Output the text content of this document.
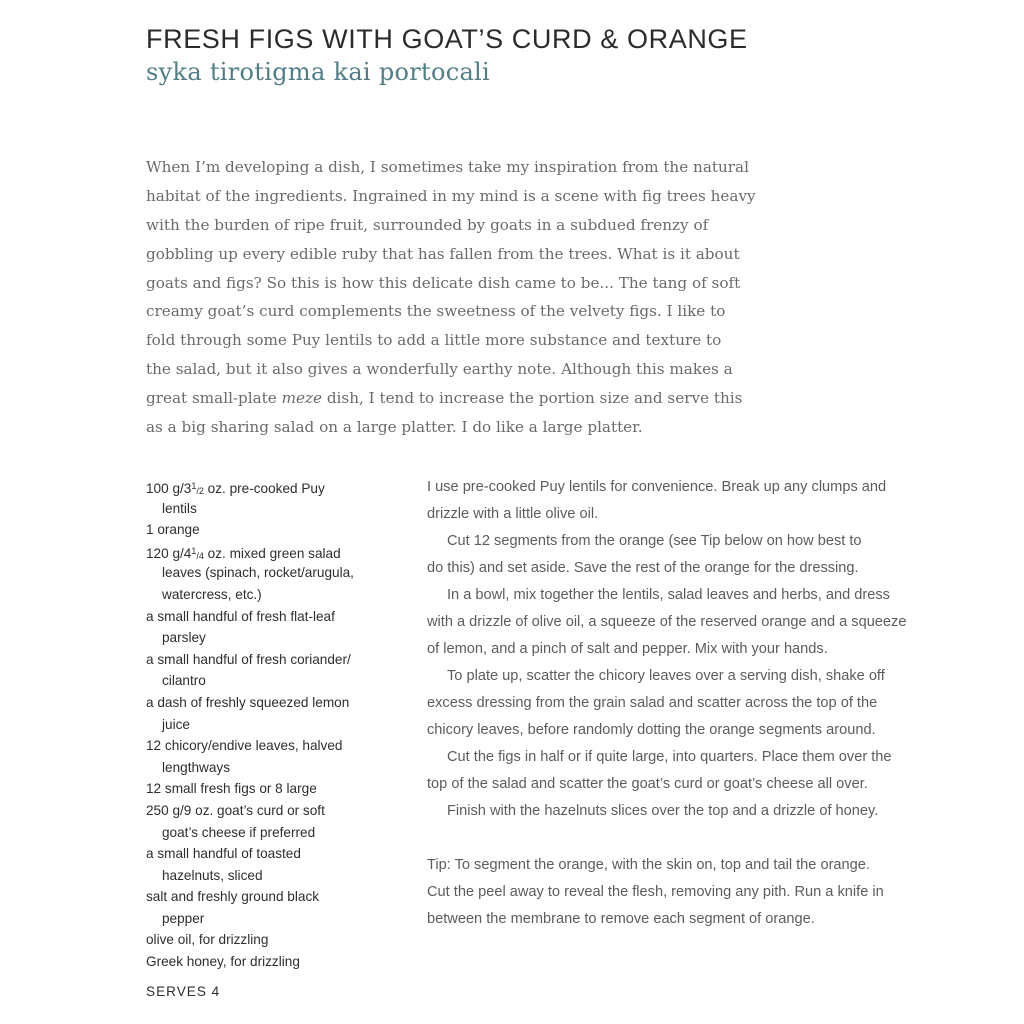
FRESH FIGS WITH GOAT’S CURD & ORANGE
syka tirotigma kai portocali
When I’m developing a dish, I sometimes take my inspiration from the natural
habitat of the ingredients. Ingrained in my mind is a scene with fig trees heavy
with the burden of ripe fruit, surrounded by goats in a subdued frenzy of
gobbling up every edible ruby that has fallen from the trees. What is it about
goats and figs? So this is how this delicate dish came to be... The tang of soft
creamy goat’s curd complements the sweetness of the velvety figs. I like to
fold through some Puy lentils to add a little more substance and texture to
the salad, but it also gives a wonderfully earthy note. Although this makes a
great small-plate meze dish, I tend to increase the portion size and serve this
as a big sharing salad on a large platter. I do like a large platter.
100 $g/3^1_{/2}$ oz. pre-cooked Puy
lentils
1 orange
120 $g/4^1_{/4}$ oz. mixed green salad
leaves (spinach, rocket/arugula,
watercress, etc.)
a small handful of fresh flat-leaf
parsley
a small handful of fresh coriander/
cilantro
a dash of freshly squeezed lemon
juice
12 chicory/endive leaves, halved
lengthways
12 small fresh figs or 8 large
250 g/9 oz. goat’s curd or soft
goat’s cheese if preferred
a small handful of toasted
hazelnuts, sliced
salt and freshly ground black
pepper
olive oil, for drizzling
Greek honey, for drizzling
SERVES 4
I use pre-cooked Puy lentils for convenience. Break up any clumps and
drizzle with a little olive oil.
Cut 12 segments from the orange (see Tip below on how best to
do this) and set aside. Save the rest of the orange for the dressing.
In a bowl, mix together the lentils, salad leaves and herbs, and dress
with a drizzle of olive oil, a squeeze of the reserved orange and a squeeze
of lemon, and a pinch of salt and pepper. Mix with your hands.
To plate up, scatter the chicory leaves over a serving dish, shake off
excess dressing from the grain salad and scatter across the top of the
chicory leaves, before randomly dotting the orange segments around.
Cut the figs in half or if quite large, into quarters. Place them over the
top of the salad and scatter the goat’s curd or goat’s cheese all over.
Finish with the hazelnuts slices over the top and a drizzle of honey.
Tip: To segment the orange, with the skin on, top and tail the orange.
Cut the peel away to reveal the flesh, removing any pith. Run a knife in
between the membrane to remove each segment of orange.
